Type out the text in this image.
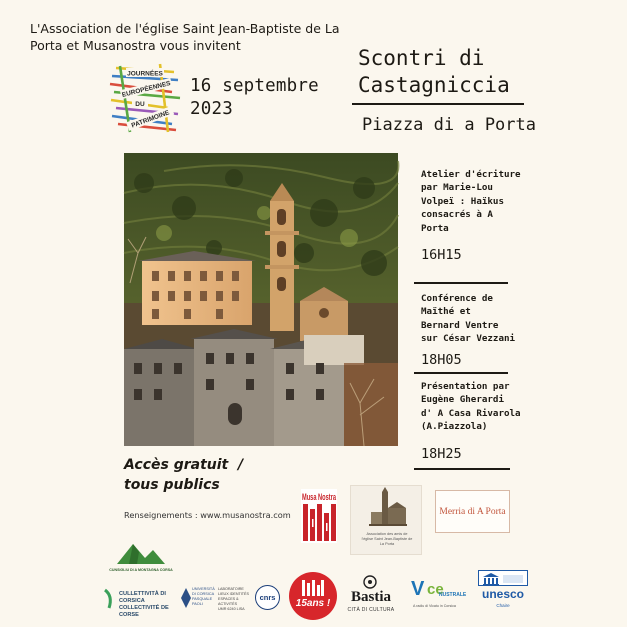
L'Association de l'église Saint Jean-Baptiste de La
Porta et Musanostra vous invitent
JOURNÉES
EUROPÉENNES
DU
PATRIMOINE
16 septembre
2023
Scontri di
Castagniccia
Piazza di a Porta
Atelier d'écriture
par Marie-Lou
Volpeï : Haïkus
consacrés à A
Porta
16H15
Conférence de
Maïthé et
Bernard Ventre
sur César Vezzani
18H05
Présentation par
Eugène Gherardi
d' A Casa Rivarola
(A.Piazzola)
18H25
Accès gratuit  /
tous publics
Renseignements : www.musanostra.com
Musa Nostra
Association des amis de
l'église Saint Jean-Baptiste de
La Porta
Merria di A Porta
CUNSIGLIU DI A MONTAGNA CORSA
CULLETTIVITÀ DI CORSICA
COLLECTIVITÉ DE CORSE
UNIVERSITÀ
DI CORSICA
PASQUALE PAOLI
LABORATOIRE
LIEUX IDENTITÉS
ESPACES & ACTIVITÉS
UMR 6240 LISA
cnrs
15ans !	Bastia
CITÀ DI CULTURA
V ce
NUSTRALE
A radiu di Vicatu in Corsica
unesco
Chaire
